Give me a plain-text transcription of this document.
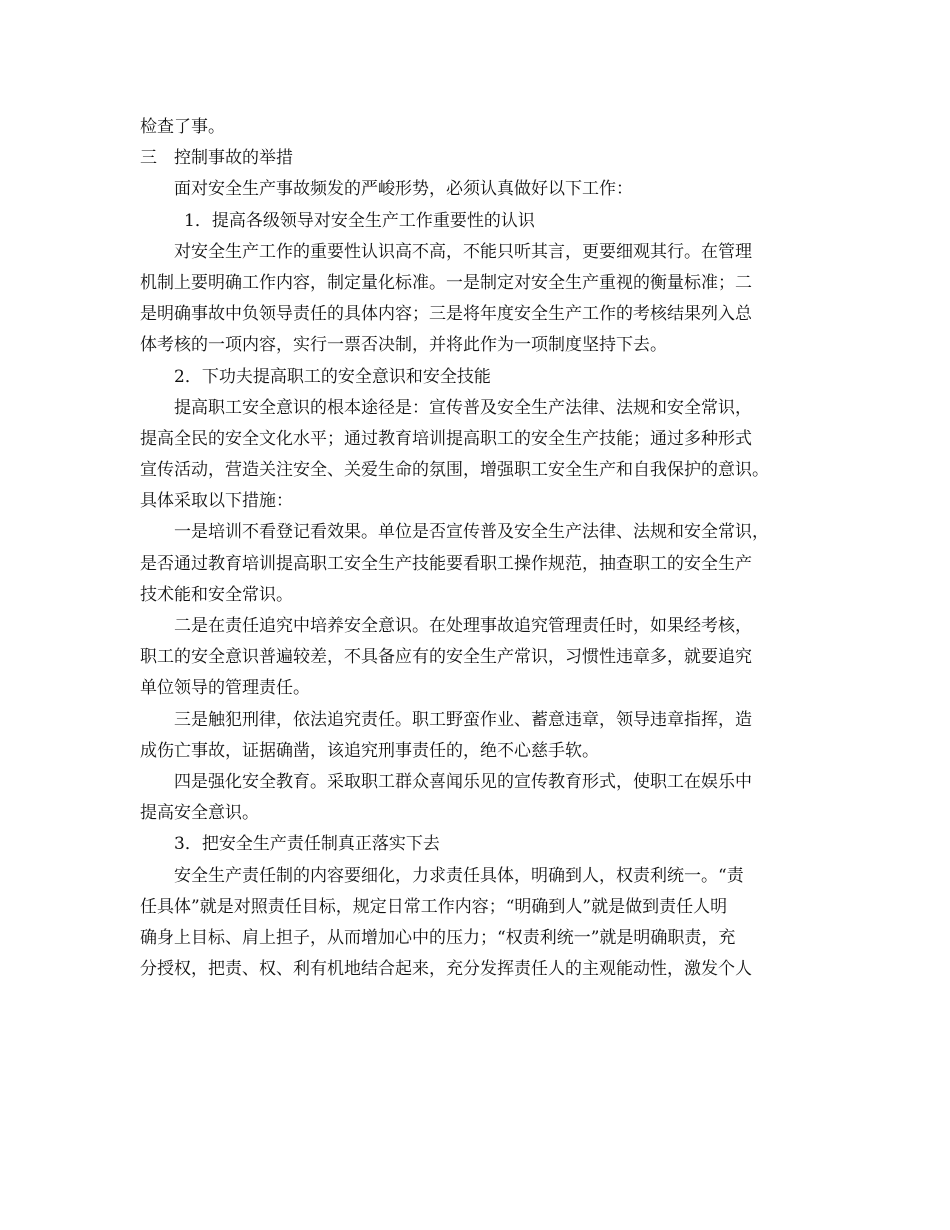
检查了事。
三　控制事故的举措
面对安全生产事故频发的严峻形势，必须认真做好以下工作：
1．提高各级领导对安全生产工作重要性的认识
对安全生产工作的重要性认识高不高，不能只听其言，更要细观其行。在管理
机制上要明确工作内容，制定量化标准。一是制定对安全生产重视的衡量标准；二
是明确事故中负领导责任的具体内容；三是将年度安全生产工作的考核结果列入总
体考核的一项内容，实行一票否决制，并将此作为一项制度坚持下去。
2．下功夫提高职工的安全意识和安全技能
提高职工安全意识的根本途径是：宣传普及安全生产法律、法规和安全常识，
提高全民的安全文化水平；通过教育培训提高职工的安全生产技能；通过多种形式
宣传活动，营造关注安全、关爱生命的氛围，增强职工安全生产和自我保护的意识。
具体采取以下措施：
一是培训不看登记看效果。单位是否宣传普及安全生产法律、法规和安全常识，
是否通过教育培训提高职工安全生产技能要看职工操作规范，抽查职工的安全生产
技术能和安全常识。
二是在责任追究中培养安全意识。在处理事故追究管理责任时，如果经考核，
职工的安全意识普遍较差，不具备应有的安全生产常识，习惯性违章多，就要追究
单位领导的管理责任。
三是触犯刑律，依法追究责任。职工野蛮作业、蓄意违章，领导违章指挥，造
成伤亡事故，证据确凿，该追究刑事责任的，绝不心慈手软。
四是强化安全教育。采取职工群众喜闻乐见的宣传教育形式，使职工在娱乐中
提高安全意识。
3．把安全生产责任制真正落实下去
安全生产责任制的内容要细化，力求责任具体，明确到人，权责利统一。“责
任具体”就是对照责任目标，规定日常工作内容；“明确到人”就是做到责任人明
确身上目标、肩上担子，从而增加心中的压力；“权责利统一”就是明确职责，充
分授权，把责、权、利有机地结合起来，充分发挥责任人的主观能动性，激发个人
